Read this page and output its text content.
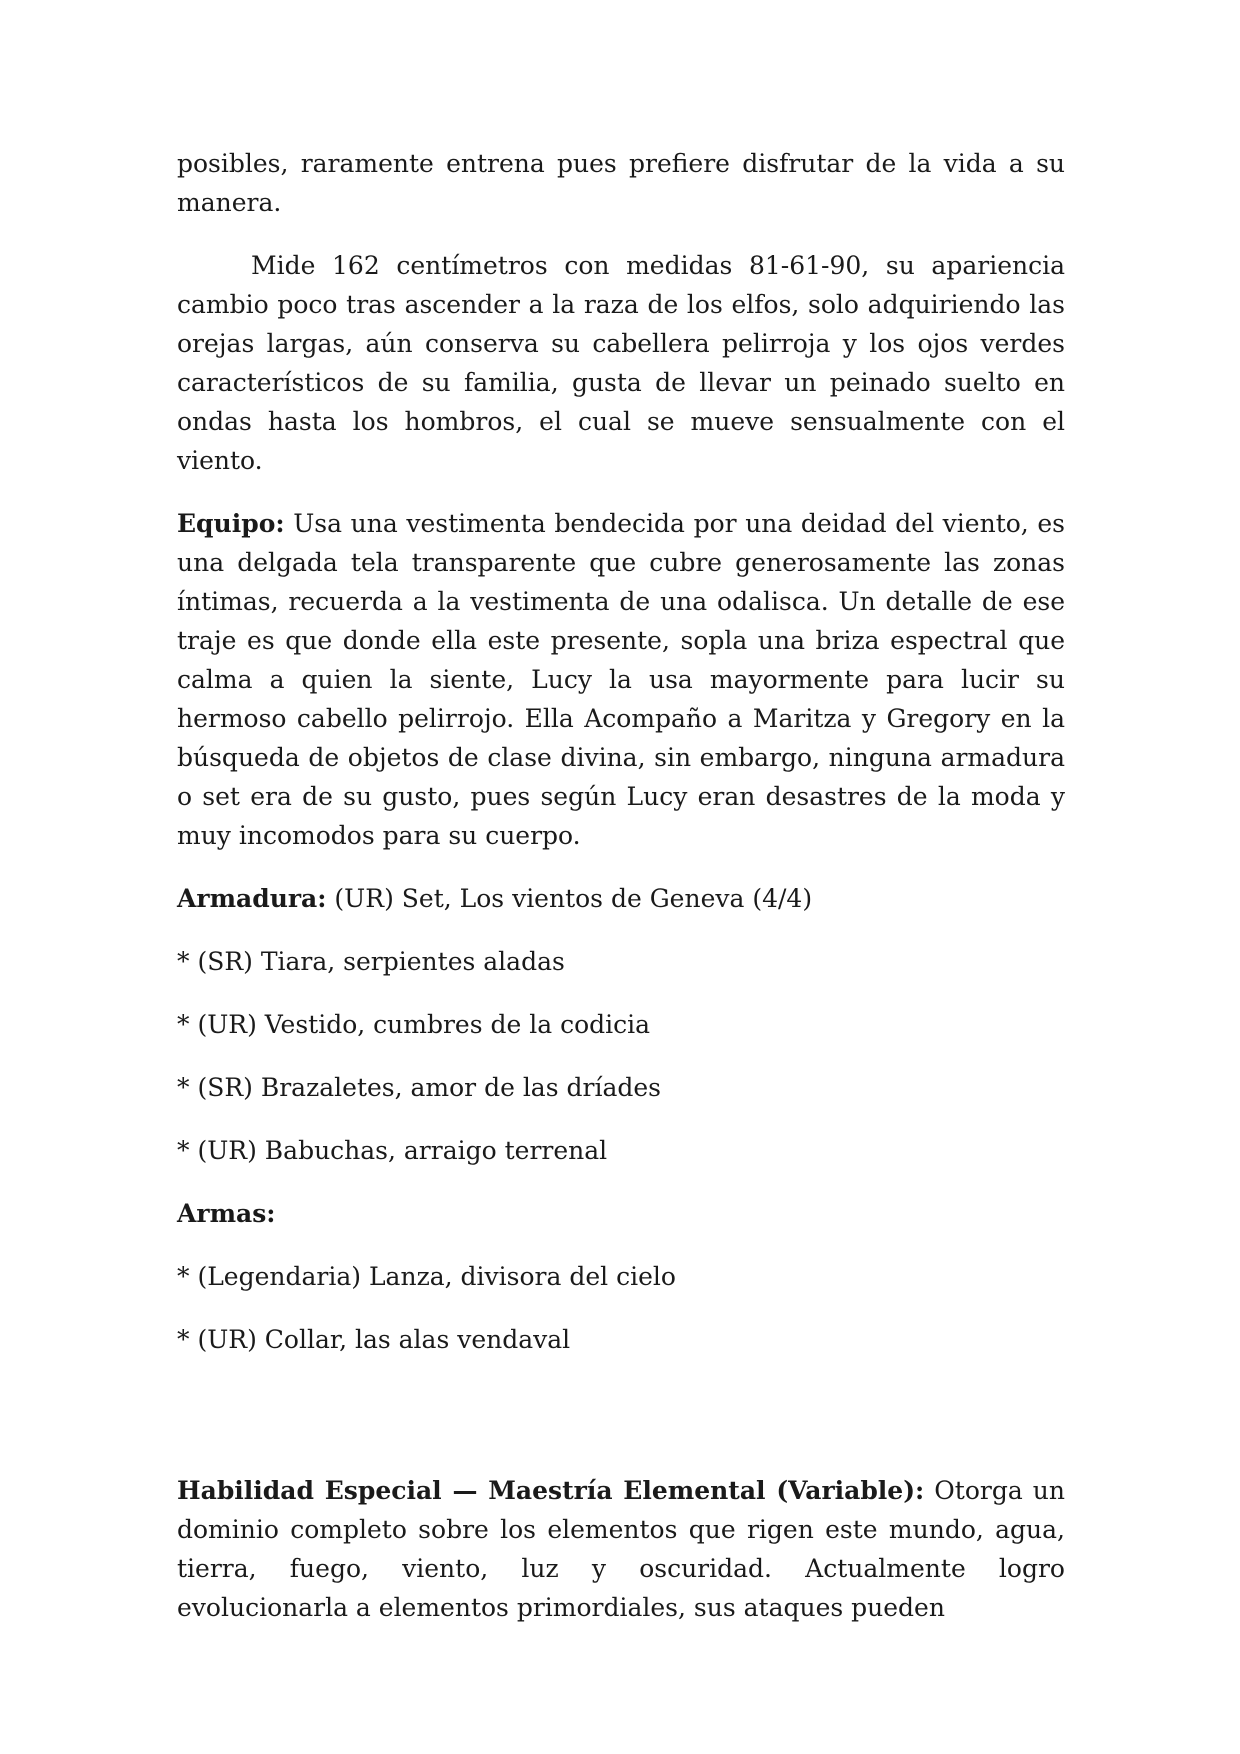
posibles, raramente entrena pues prefiere disfrutar de la vida a su manera.

Mide 162 centímetros con medidas 81-61-90, su apariencia cambio poco tras ascender a la raza de los elfos, solo adquiriendo las orejas largas, aún conserva su cabellera pelirroja y los ojos verdes característicos de su familia, gusta de llevar un peinado suelto en ondas hasta los hombros, el cual se mueve sensualmente con el viento.

Equipo: Usa una vestimenta bendecida por una deidad del viento, es una delgada tela transparente que cubre generosamente las zonas íntimas, recuerda a la vestimenta de una odalisca. Un detalle de ese traje es que donde ella este presente, sopla una briza espectral que calma a quien la siente, Lucy la usa mayormente para lucir su hermoso cabello pelirrojo. Ella Acompaño a Maritza y Gregory en la búsqueda de objetos de clase divina, sin embargo, ninguna armadura o set era de su gusto, pues según Lucy eran desastres de la moda y muy incomodos para su cuerpo.

Armadura: (UR) Set, Los vientos de Geneva (4/4)

* (SR) Tiara, serpientes aladas

* (UR) Vestido, cumbres de la codicia

* (SR) Brazaletes, amor de las dríades

* (UR) Babuchas, arraigo terrenal

Armas:

* (Legendaria) Lanza, divisora del cielo

* (UR) Collar, las alas vendaval

Habilidad Especial — Maestría Elemental (Variable): Otorga un dominio completo sobre los elementos que rigen este mundo, agua, tierra, fuego, viento, luz y oscuridad. Actualmente logro evolucionarla a elementos primordiales, sus ataques pueden
